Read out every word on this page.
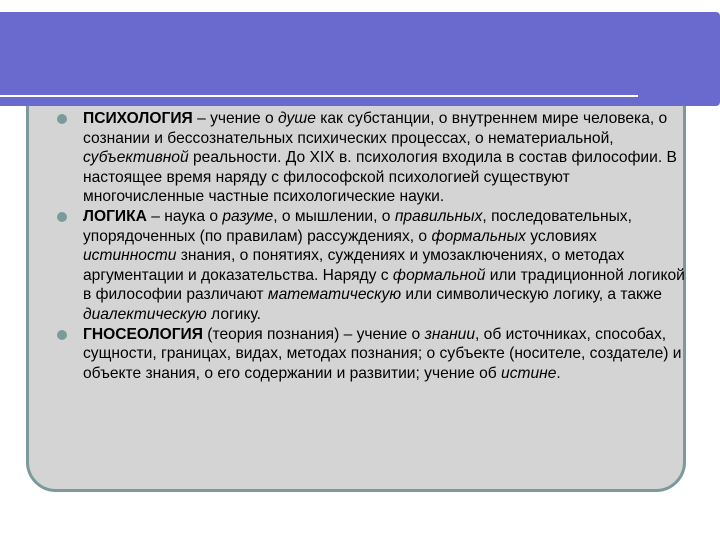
ПСИХОЛОГИЯ – учение о душе как субстанции, о внутреннем мире человека, о сознании и бессознательных психических процессах, о нематериальной, субъективной реальности. До XIX в. психология входила в состав философии. В настоящее время наряду с философской психологией существуют многочисленные частные психологические науки.
ЛОГИКА – наука о разуме, о мышлении, о правильных, последовательных, упорядоченных (по правилам) рассуждениях, о формальных условиях истинности знания, о понятиях, суждениях и умозаключениях, о методах аргументации и доказательства. Наряду с формальной или традиционной логикой в философии различают математическую или символическую логику, а также диалектическую логику.
ГНОСЕОЛОГИЯ (теория познания) – учение о знании, об источниках, способах, сущности, границах, видах, методах познания; о субъекте (носителе, создателе) и объекте знания, о его содержании и развитии; учение об истине.
